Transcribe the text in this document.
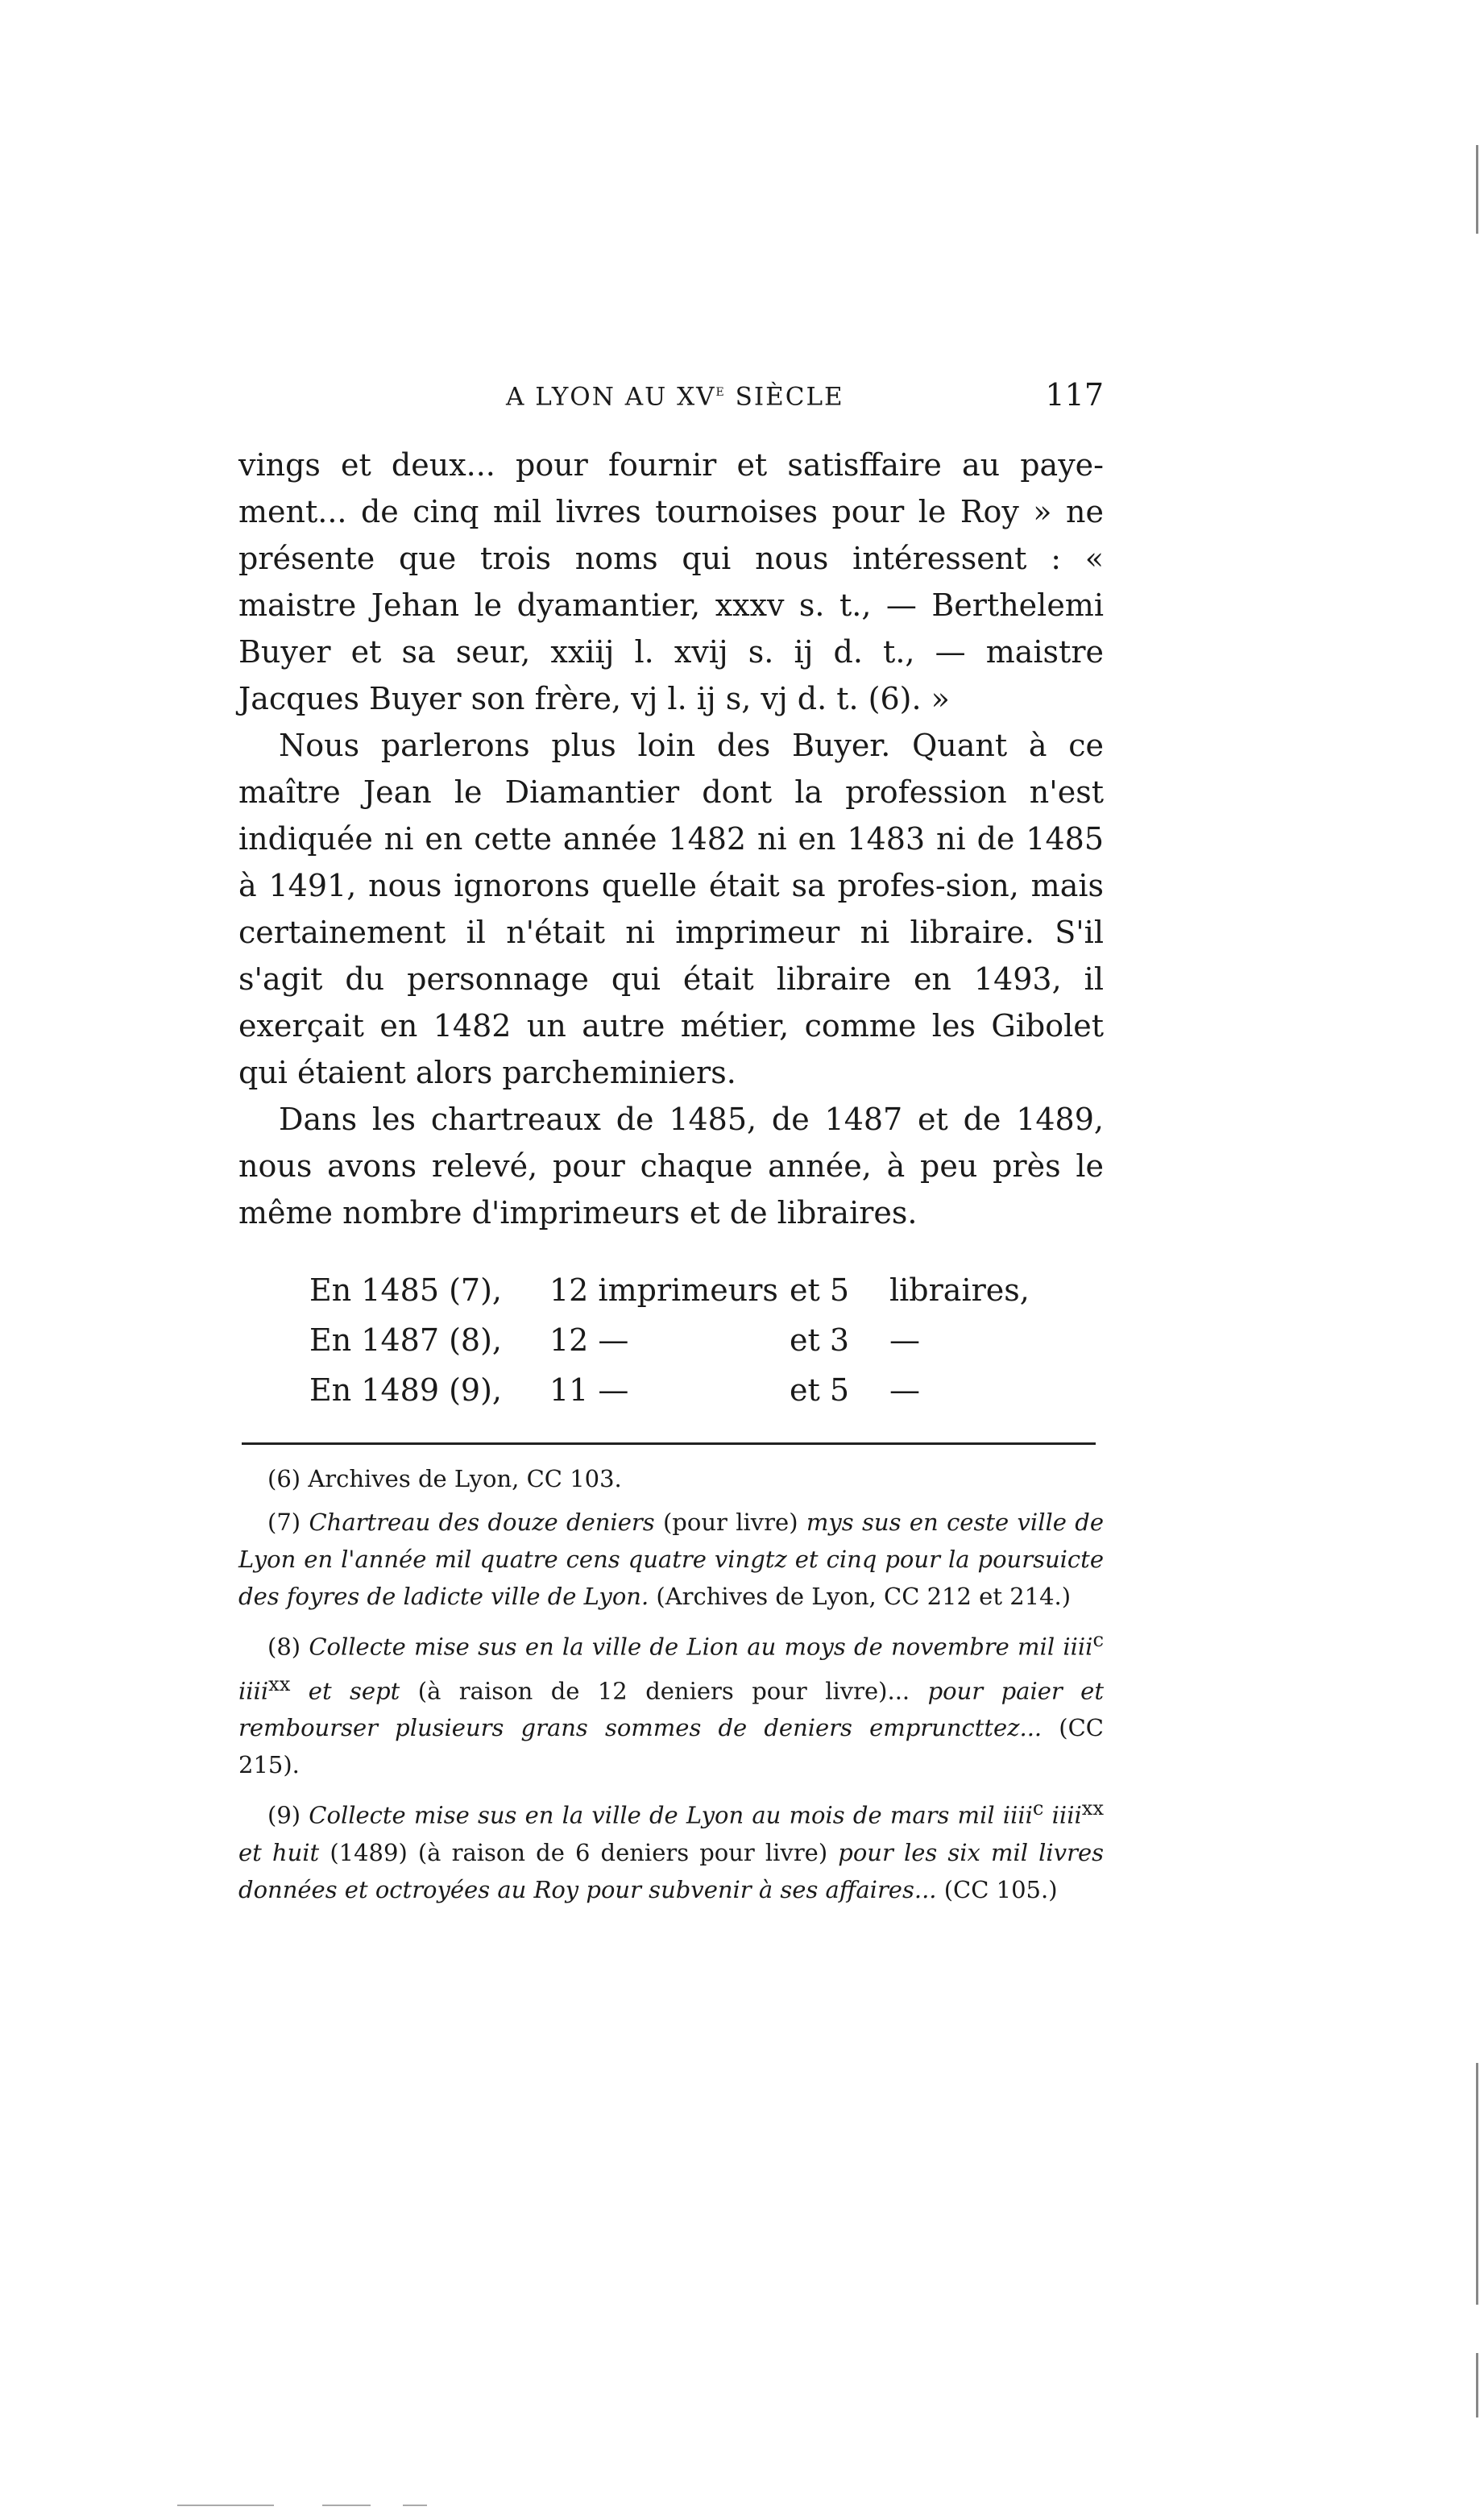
A LYON AU XVe SIÈCLE	117

vings et deux... pour fournir et satisffaire au paye-ment... de cinq mil livres tournoises pour le Roy » ne présente que trois noms qui nous intéressent : « maistre Jehan le dyamantier, xxxv s. t., — Berthelemi Buyer et sa seur, xxiij l. xvij s. ij d. t., — maistre Jacques Buyer son frère, vj l. ij s, vj d. t. (6). »

Nous parlerons plus loin des Buyer. Quant à ce maître Jean le Diamantier dont la profession n'est indiquée ni en cette année 1482 ni en 1483 ni de 1485 à 1491, nous ignorons quelle était sa profes-sion, mais certainement il n'était ni imprimeur ni libraire. S'il s'agit du personnage qui était libraire en 1493, il exerçait en 1482 un autre métier, comme les Gibolet qui étaient alors parcheminiers.

Dans les chartreaux de 1485, de 1487 et de 1489, nous avons relevé, pour chaque année, à peu près le même nombre d'imprimeurs et de libraires.

En 1485 (7), 12 imprimeurs et 5 libraires,
En 1487 (8), 12 —	et 3 —
En 1489 (9), 11 —	et 5 —

(6) Archives de Lyon, CC 103.

(7) Chartreau des douze deniers (pour livre) mys sus en ceste ville de Lyon en l'année mil quatre cens quatre vingtz et cinq pour la poursuicte des foyres de ladicte ville de Lyon. (Archives de Lyon, CC 212 et 214.)

(8) Collecte mise sus en la ville de Lion au moys de novembre mil iiii$^c$ iiii$^{xx}$ et sept (à raison de 12 deniers pour livre)... pour paier et rembourser plusieurs grans sommes de deniers empruncttez... (CC 215).

(9) Collecte mise sus en la ville de Lyon au mois de mars mil iiii$^c$ iiii$^{xx}$ et huit (1489) (à raison de 6 deniers pour livre) pour les six mil livres données et octroyées au Roy pour subvenir à ses affaires... (CC 105.)
